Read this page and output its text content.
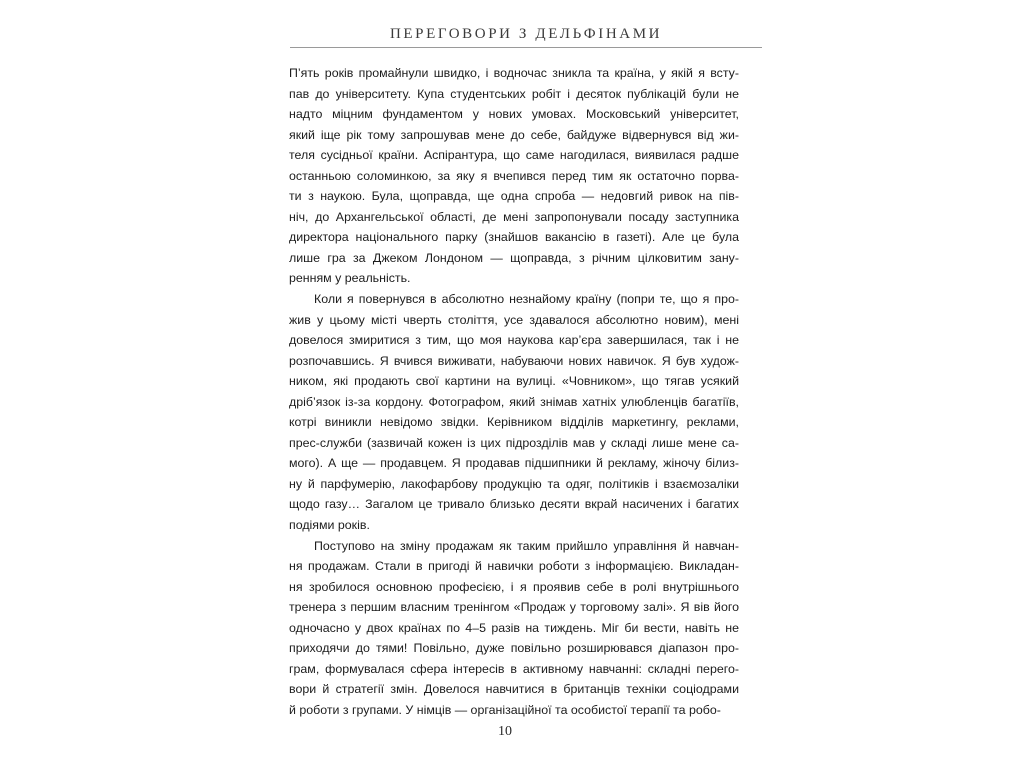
ПЕРЕГОВОРИ З ДЕЛЬФІНАМИ
П’ять років промайнули швидко, і водночас зникла та країна, у якій я всту-
пав до університету. Купа студентських робіт і десяток публікацій були не
надто міцним фундаментом у нових умовах. Московський університет,
який іще рік тому запрошував мене до себе, байдуже відвернувся від жи-
теля сусідньої країни. Аспірантура, що саме нагодилася, виявилася радше
останньою соломинкою, за яку я вчепився перед тим як остаточно порва-
ти з наукою. Була, щоправда, ще одна спроба — недовгий ривок на пів-
ніч, до Архангельської області, де мені запропонували посаду заступника
директора національного парку (знайшов вакансію в газеті). Але це була
лише гра за Джеком Лондоном — щоправда, з річним цілковитим зану-
ренням у реальність.
Коли я повернувся в абсолютно незнайому країну (попри те, що я про-
жив у цьому місті чверть століття, усе здавалося абсолютно новим), мені
довелося змиритися з тим, що моя наукова кар’єра завершилася, так і не
розпочавшись. Я вчився виживати, набуваючи нових навичок. Я був худож-
ником, які продають свої картини на вулиці. «Човником», що тягав усякий
дріб’язок із-за кордону. Фотографом, який знімав хатніх улюбленців багатіїв,
котрі виникли невідомо звідки. Керівником відділів маркетингу, реклами,
прес-служби (зазвичай кожен із цих підрозділів мав у складі лише мене са-
мого). А ще — продавцем. Я продавав підшипники й рекламу, жіночу білиз-
ну й парфумерію, лакофарбову продукцію та одяг, політиків і взаємозаліки
щодо газу… Загалом це тривало близько десяти вкрай насичених і багатих
подіями років.
Поступово на зміну продажам як таким прийшло управління й навчан-
ня продажам. Стали в пригоді й навички роботи з інформацією. Викладан-
ня зробилося основною професією, і я проявив себе в ролі внутрішнього
тренера з першим власним тренінгом «Продаж у торговому залі». Я вів його
одночасно у двох країнах по 4–5 разів на тиждень. Міг би вести, навіть не
приходячи до тями! Повільно, дуже повільно розширювався діапазон про-
грам, формувалася сфера інтересів в активному навчанні: складні перего-
вори й стратегії змін. Довелося навчитися в британців техніки соціодрами
й роботи з групами. У німців — організаційної та особистої терапії та робо-
10
